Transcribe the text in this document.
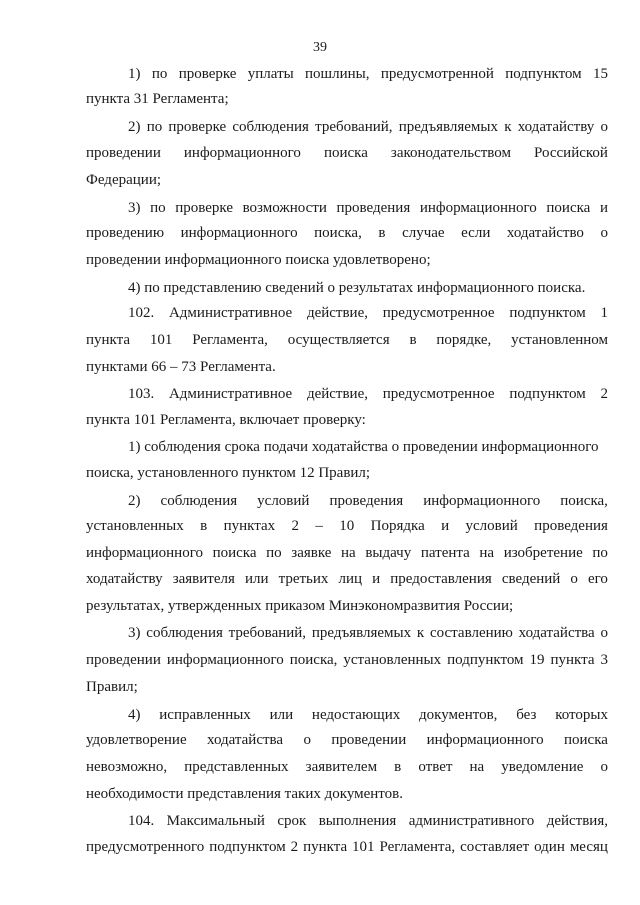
39
1) по проверке уплаты пошлины, предусмотренной подпунктом 15
пункта 31 Регламента;
2) по проверке соблюдения требований, предъявляемых к ходатайству о
проведении информационного поиска законодательством Российской
Федерации;
3) по проверке возможности проведения информационного поиска и
проведению информационного поиска, в случае если ходатайство о
проведении информационного поиска удовлетворено;
4) по представлению сведений о результатах информационного поиска.
102. Административное действие, предусмотренное подпунктом 1
пункта 101 Регламента, осуществляется в порядке, установленном
пунктами 66 – 73 Регламента.
103. Административное действие, предусмотренное подпунктом 2
пункта 101 Регламента, включает проверку:
1) соблюдения срока подачи ходатайства о проведении информационного
поиска, установленного пунктом 12 Правил;
2) соблюдения условий проведения информационного поиска,
установленных в пунктах 2 – 10 Порядка и условий проведения
информационного поиска по заявке на выдачу патента на изобретение по
ходатайству заявителя или третьих лиц и предоставления сведений о его
результатах, утвержденных приказом Минэкономразвития России;
3) соблюдения требований, предъявляемых к составлению ходатайства о
проведении информационного поиска, установленных подпунктом 19 пункта 3
Правил;
4) исправленных или недостающих документов, без которых
удовлетворение ходатайства о проведении информационного поиска
невозможно, представленных заявителем в ответ на уведомление о
необходимости представления таких документов.
104. Максимальный срок выполнения административного действия,
предусмотренного подпунктом 2 пункта 101 Регламента, составляет один месяц
